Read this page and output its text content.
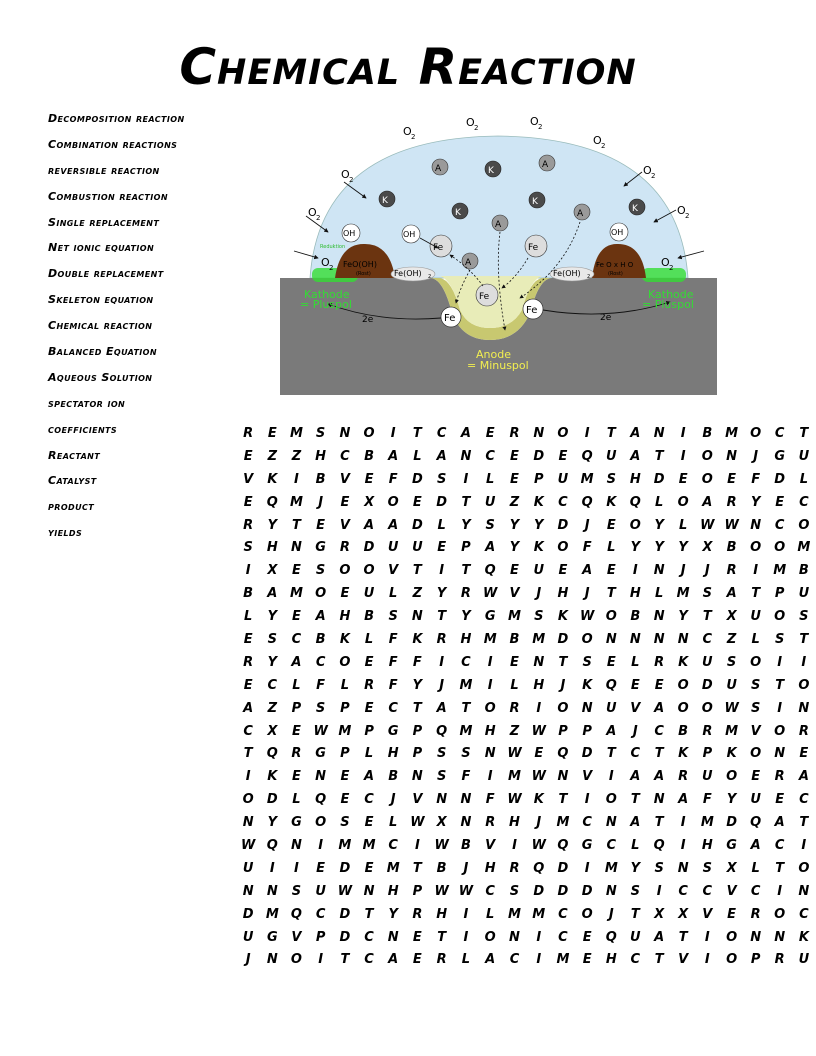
Chemical Reaction
Decomposition reaction
Combination reactions
reversible reaction
Combustion reaction
Single replacement
Net ionic equation
Double replacement
Skeleton equation
Chemical reaction
Balanced Equation
Aqueous Solution
spectator ion
coefficients
Reactant
Catalyst
product
yields
O 2
O 2	O 2
O 2
O 2
O 2
O 2
O 2
O 2	O 2
A	A
A
A
A
K
K
K
K
K
OH	OH	OH
Fe	Fe
Fe
Fe
Fe
2e	2e
FeO(OH)
(Rost)
Fe O x H O
(Rost)
Fe(OH) 2	Fe(OH) 2
Reduktion
Kathode
= Pluspol
Kathode
= Pluspol
Anode
= Minuspol
R	E	M	S	N	O	I	T	C	A	E	R	N	O	I	T	A	N	I	B	M	O	C	T
E	Z	Z	H	C	B	A	L	A	N	C	E	D	E	Q	U	A	T	I	O	N	J	G	U
V	K	I	B	V	E	F	D	S	I	L	E	P	U	M	S	H	D	E	O	E	F	D	L
E	Q	M	J	E	X	O	E	D	T	U	Z	K	C	Q	K	Q	L	O	A	R	Y	E	C
R	Y	T	E	V	A	A	D	L	Y	S	Y	Y	D	J	E	O	Y	L	W	W	N	C	O
S	H	N	G	R	D	U	U	E	P	A	Y	K	O	F	L	Y	Y	Y	X	B	O	O	M
I	X	E	S	O	O	V	T	I	T	Q	E	U	E	A	E	I	N	J	J	R	I	M	B
B	A	M	O	E	U	L	Z	Y	R	W	V	J	H	J	T	H	L	M	S	A	T	P	U
L	Y	E	A	H	B	S	N	T	Y	G	M	S	K	W	O	B	N	Y	T	X	U	O	S
E	S	C	B	K	L	F	K	R	H	M	B	M	D	O	N	N	N	N	C	Z	L	S	T
R	Y	A	C	O	E	F	F	I	C	I	E	N	T	S	E	L	R	K	U	S	O	I	I
E	C	L	F	L	R	F	Y	J	M	I	L	H	J	K	Q	E	E	O	D	U	S	T	O
A	Z	P	S	P	E	C	T	A	T	O	R	I	O	N	U	V	A	O	O	W	S	I	N
C	X	E	W	M	P	G	P	Q	M	H	Z	W	P	P	A	J	C	B	R	M	V	O	R
T	Q	R	G	P	L	H	P	S	S	N	W	E	Q	D	T	C	T	K	P	K	O	N	E
I	K	E	N	E	A	B	N	S	F	I	M	W	N	V	I	A	A	R	U	O	E	R	A
O	D	L	Q	E	C	J	V	N	N	F	W	K	T	I	O	T	N	A	F	Y	U	E	C
N	Y	G	O	S	E	L	W	X	N	R	H	J	M	C	N	A	T	I	M	D	Q	A	T
W	Q	N	I	M	M	C	I	W	B	V	I	W	Q	G	C	L	Q	I	H	G	A	C	I
U	I	I	E	D	E	M	T	B	J	H	R	Q	D	I	M	Y	S	N	S	X	L	T	O
N	N	S	U	W	N	H	P	W	W	C	S	D	D	D	N	S	I	C	C	V	C	I	N
D	M	Q	C	D	T	Y	R	H	I	L	M	M	C	O	J	T	X	X	V	E	R	O	C
U	G	V	P	D	C	N	E	T	I	O	N	I	C	E	Q	U	A	T	I	O	N	N	K
J	N	O	I	T	C	A	E	R	L	A	C	I	M	E	H	C	T	V	I	O	P	R	U
